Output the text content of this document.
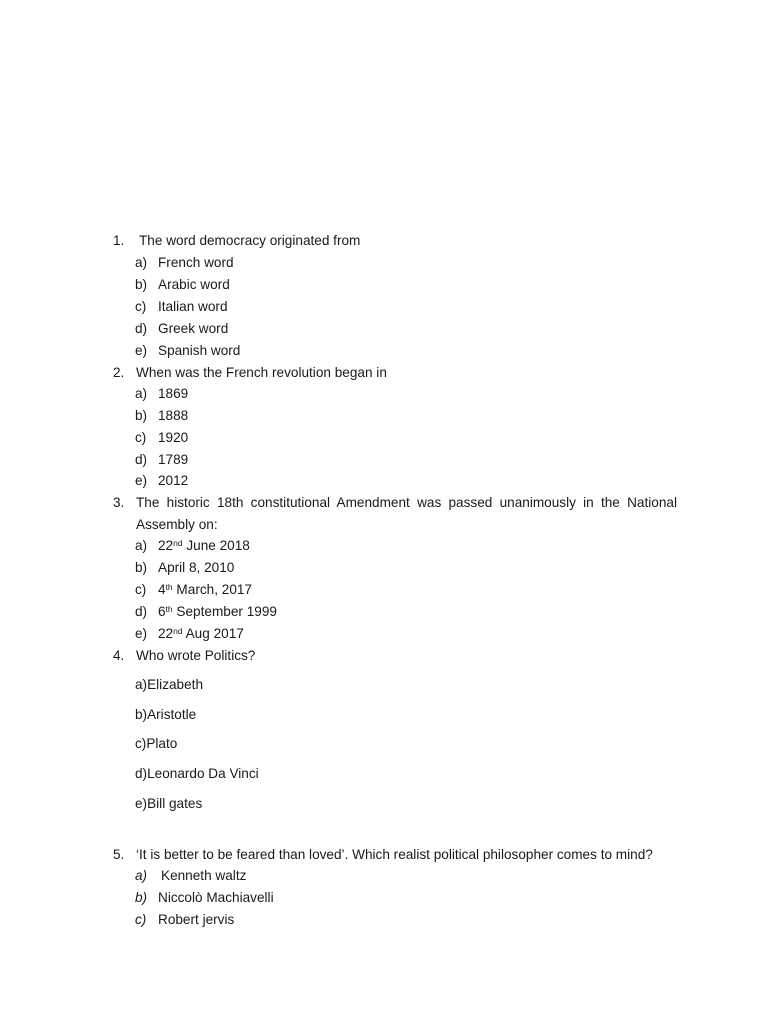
1. The word democracy originated from
a) French word
b) Arabic word
c) Italian word
d) Greek word
e) Spanish word
2. When was the French revolution began in
a) 1869
b) 1888
c) 1920
d) 1789
e) 2012
3. The historic 18th constitutional Amendment was passed unanimously in the National
Assembly on:
a) 22nd June 2018
b) April 8, 2010
c) 4th March, 2017
d) 6th September 1999
e) 22nd Aug 2017
4. Who wrote Politics?
a)Elizabeth
b)Aristotle
c)Plato
d)Leonardo Da Vinci
e)Bill gates
5. ‘It is better to be feared than loved’. Which realist political philosopher comes to mind?
a) Kenneth waltz
b) Niccolò Machiavelli
c) Robert jervis
